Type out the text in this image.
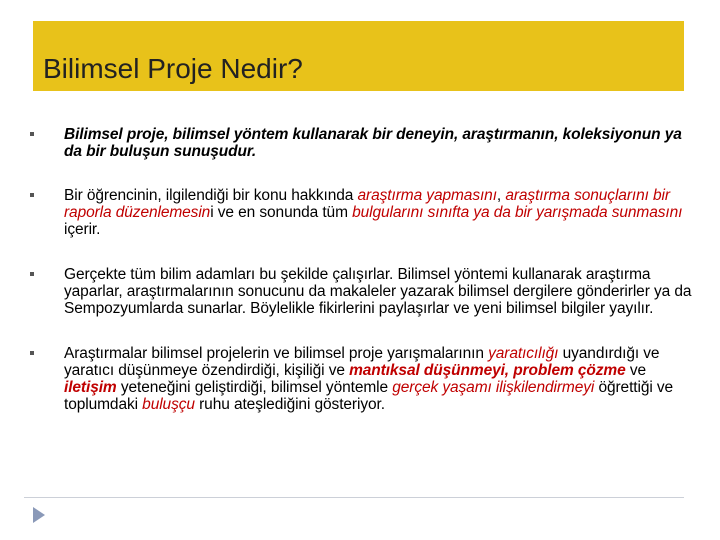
Bilimsel Proje Nedir?
Bilimsel proje, bilimsel yöntem kullanarak bir deneyin, araştırmanın, koleksiyonun ya da bir buluşun sunuşudur.
Bir öğrencinin, ilgilendiği bir konu hakkında araştırma yapmasını, araştırma sonuçlarını bir raporla düzenlemesini ve en sonunda tüm bulgularını sınıfta ya da bir yarışmada sunmasını içerir.
Gerçekte tüm bilim adamları bu şekilde çalışırlar. Bilimsel yöntemi kullanarak araştırma yaparlar, araştırmalarının sonucunu da makaleler yazarak bilimsel dergilere gönderirler ya da Sempozyumlarda sunarlar. Böylelikle fikirlerini paylaşırlar ve yeni bilimsel bilgiler yayılır.
Araştırmalar bilimsel projelerin ve bilimsel proje yarışmalarının yaratıcılığı uyandırdığı ve yaratıcı düşünmeye özendirdiği, kişiliği ve mantıksal düşünmeyi, problem çözme ve iletişim yeteneğini geliştirdiği, bilimsel yöntemle gerçek yaşamı ilişkilendirmeyi öğrettiği ve toplumdaki buluşçu ruhu ateşlediğini gösteriyor.
